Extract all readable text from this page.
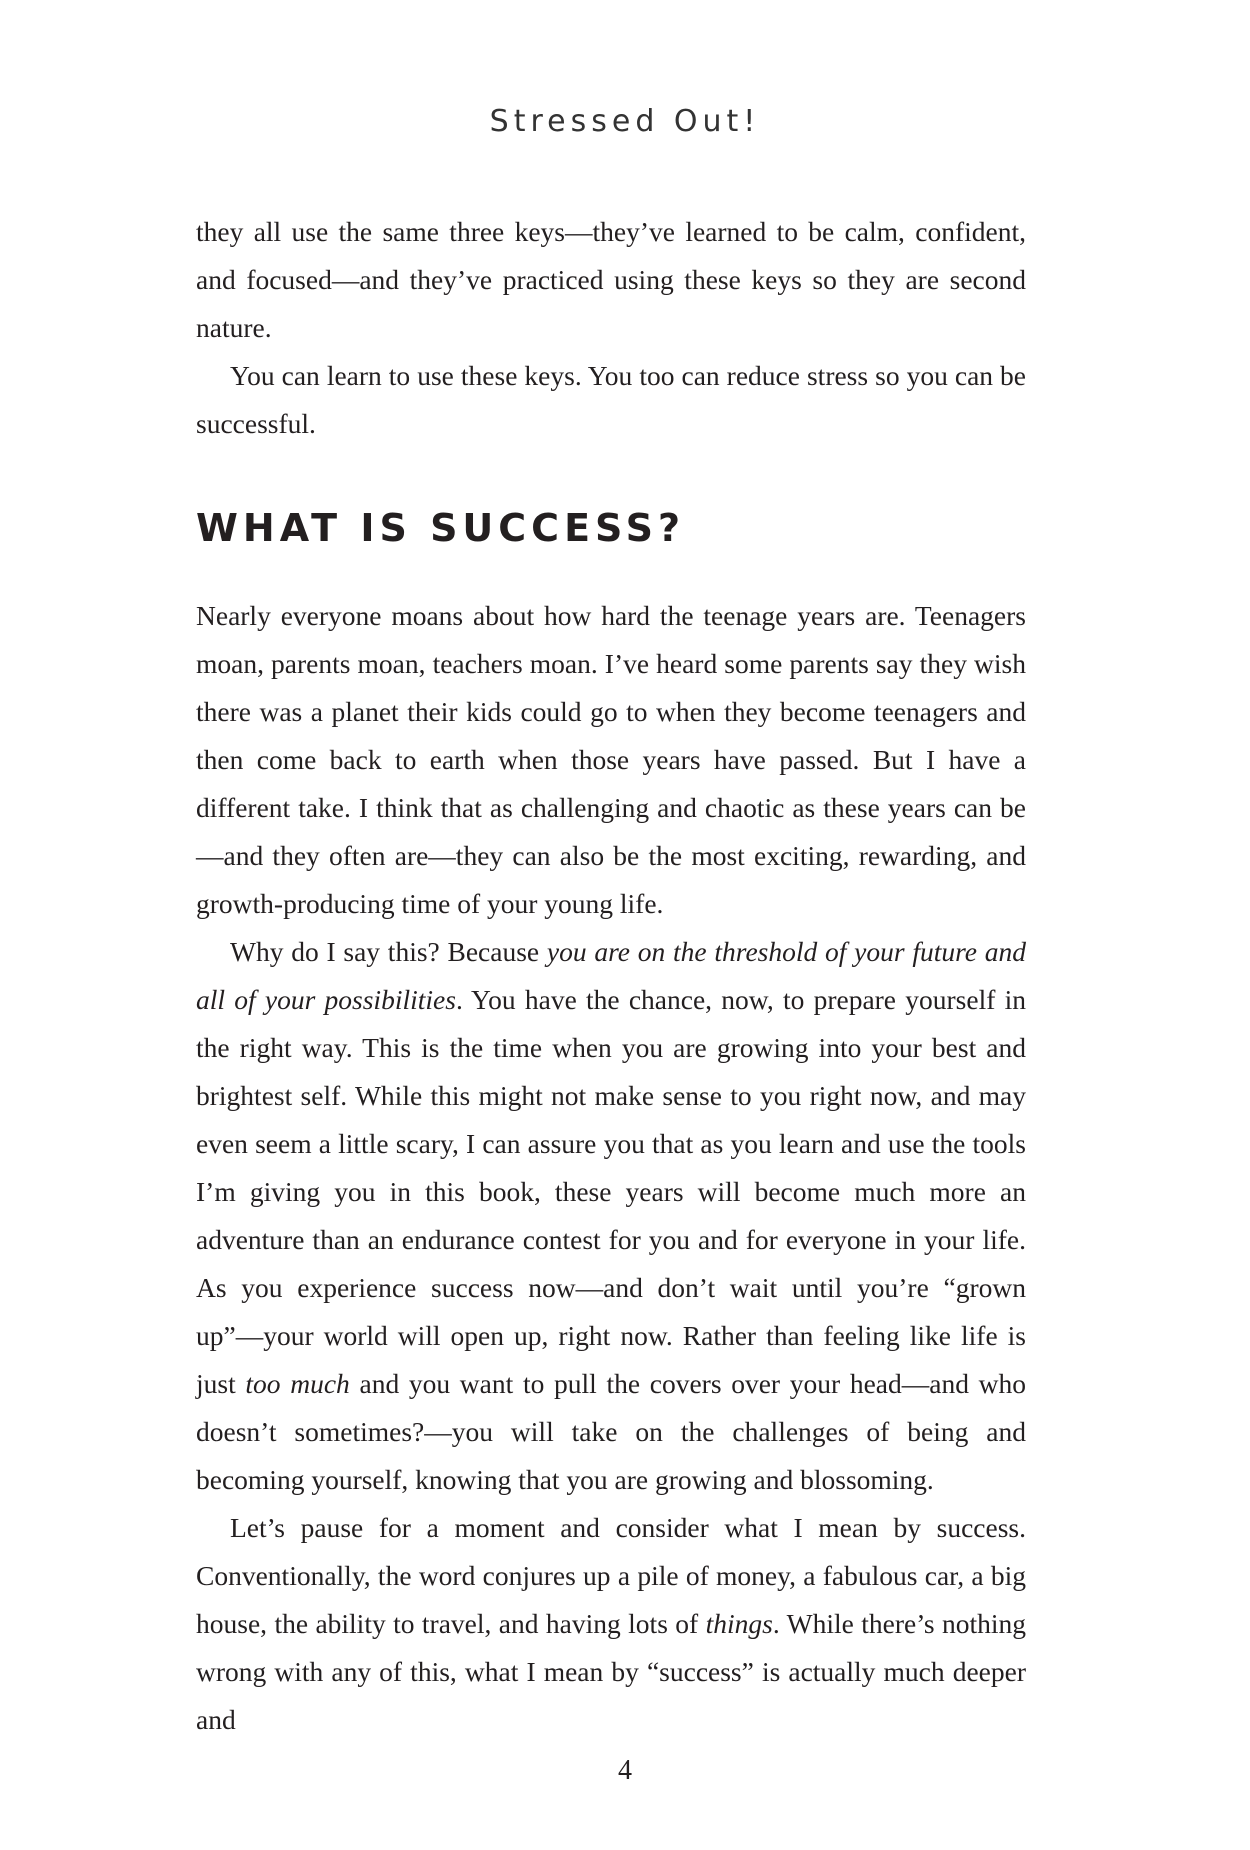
Stressed Out!

they all use the same three keys—they’ve learned to be calm, confident, and focused—and they’ve practiced using these keys so they are second nature.

You can learn to use these keys. You too can reduce stress so you can be successful.

WHAT IS SUCCESS?

Nearly everyone moans about how hard the teenage years are. Teenagers moan, parents moan, teachers moan. I’ve heard some parents say they wish there was a planet their kids could go to when they become teenagers and then come back to earth when those years have passed. But I have a different take. I think that as challenging and chaotic as these years can be—and they often are—they can also be the most exciting, rewarding, and growth-producing time of your young life.

Why do I say this? Because you are on the threshold of your future and all of your possibilities. You have the chance, now, to prepare yourself in the right way. This is the time when you are growing into your best and brightest self. While this might not make sense to you right now, and may even seem a little scary, I can assure you that as you learn and use the tools I’m giving you in this book, these years will become much more an adventure than an endurance contest for you and for everyone in your life. As you experience success now—and don’t wait until you’re “grown up”—your world will open up, right now. Rather than feeling like life is just too much and you want to pull the covers over your head—and who doesn’t sometimes?—you will take on the challenges of being and becoming yourself, knowing that you are growing and blossoming.

Let’s pause for a moment and consider what I mean by success. Conventionally, the word conjures up a pile of money, a fabulous car, a big house, the ability to travel, and having lots of things. While there’s nothing wrong with any of this, what I mean by “success” is actually much deeper and

4
